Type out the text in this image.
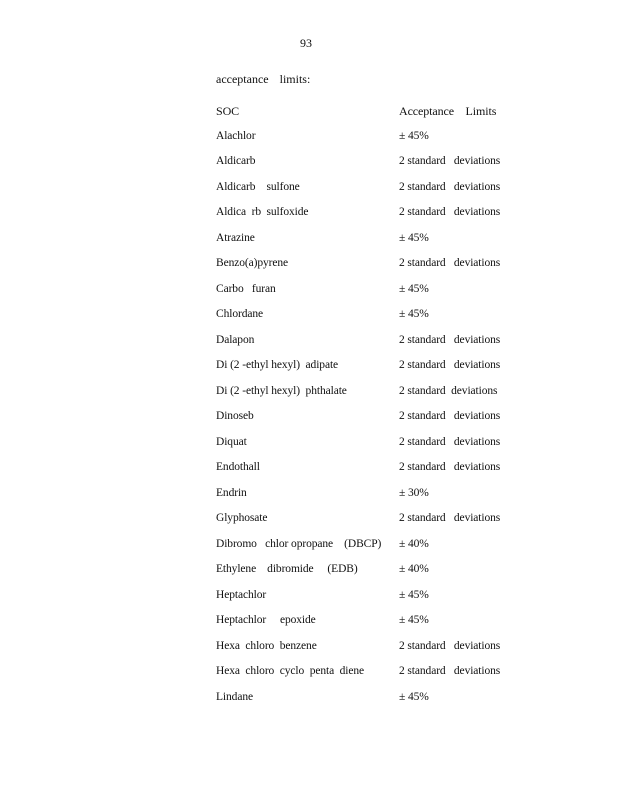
93
acceptance limits:
SOC	Acceptance    Limits
Alachlor	± 45%
Aldicarb	2 standard   deviations
Aldicarb    sulfone	2 standard   deviations
Aldica  rb  sulfoxide	2 standard   deviations
Atrazine	± 45%
Benzo(a)pyrene	2 standard   deviations
Carbo   furan	± 45%
Chlordane	± 45%
Dalapon	2 standard   deviations
Di (2 -ethyl hexyl)  adipate	2 standard   deviations
Di (2 -ethyl hexyl)  phthalate	2 standard  deviations
Dinoseb	2 standard   deviations
Diquat	2 standard   deviations
Endothall	2 standard   deviations
Endrin	± 30%
Glyphosate	2 standard   deviations
Dibromo   chlor opropane    (DBCP) ± 40%
Ethylene    dibromide     (EDB)	± 40%
Heptachlor	± 45%
Heptachlor     epoxide	± 45%
Hexa  chloro  benzene	2 standard   deviations
Hexa  chloro  cyclo  penta  diene	2 standard   deviations
Lindane	± 45%
